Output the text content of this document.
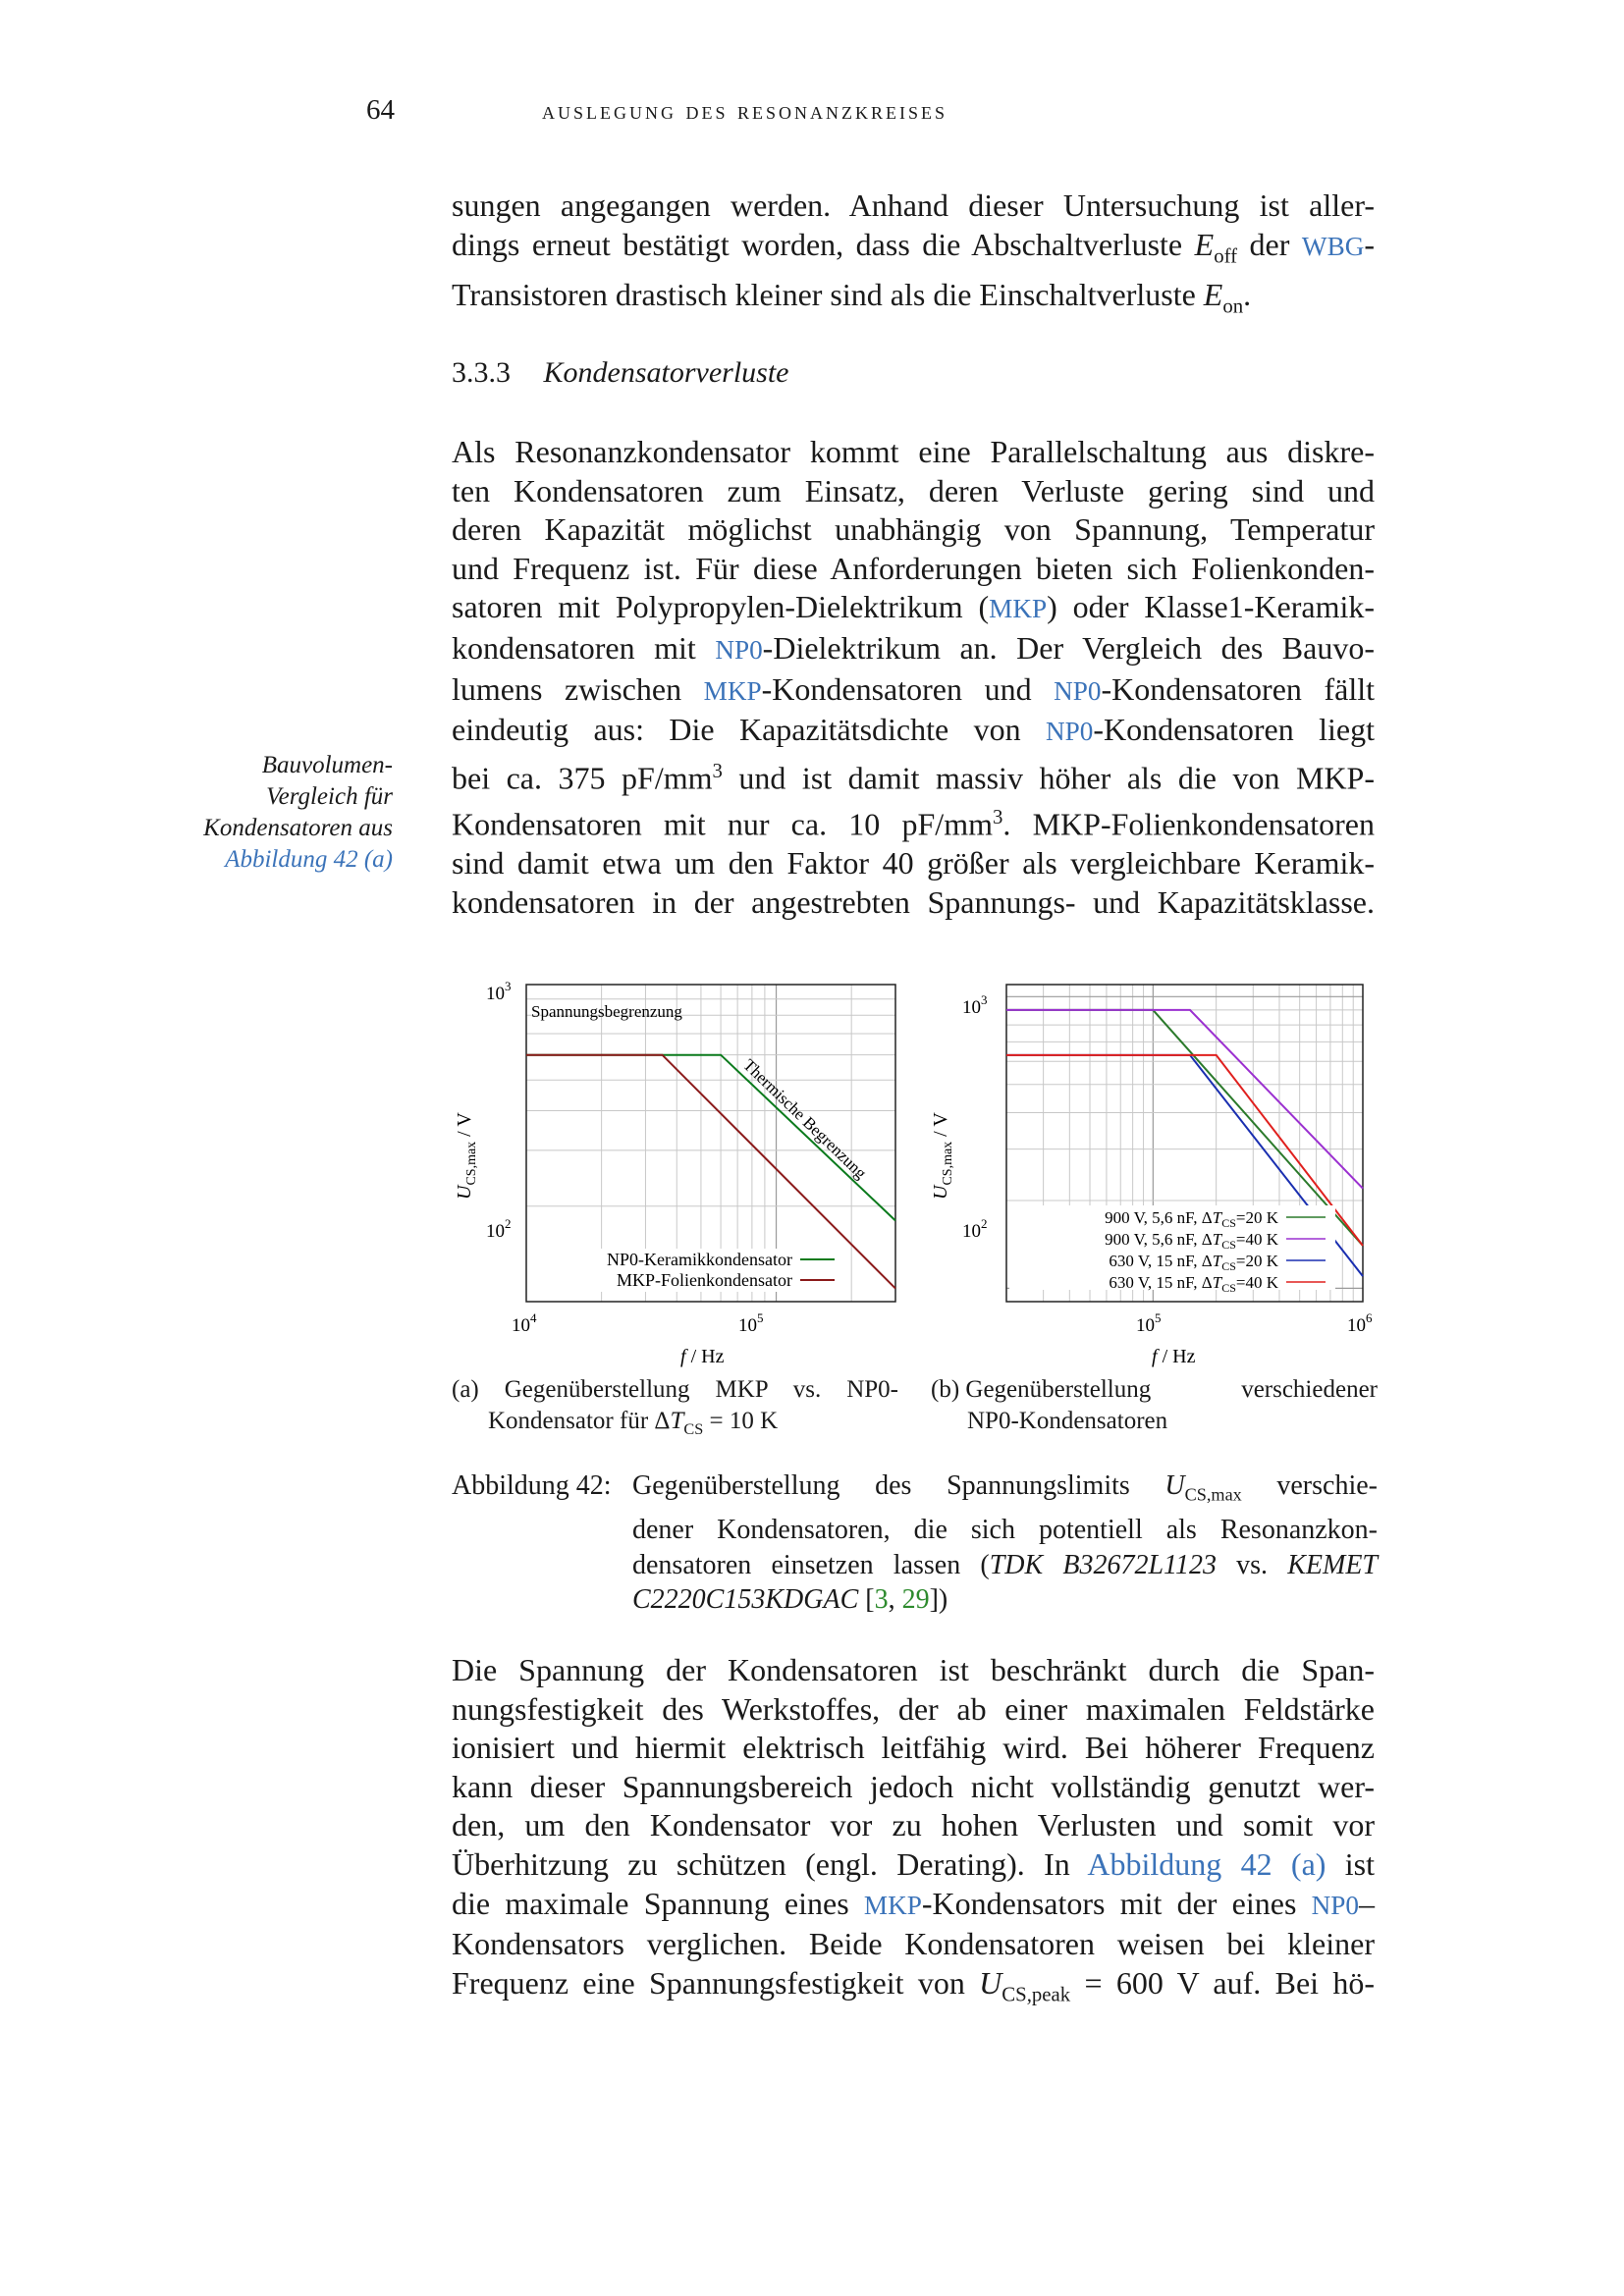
64	auslegung des resonanzkreises

sungen angegangen werden. Anhand dieser Untersuchung ist aller-

dings erneut bestätigt worden, dass die Abschaltverluste $E_{off}$ der WBG-

Transistoren drastisch kleiner sind als die Einschaltverluste $E_{on}$.

3.3.3 Kondensatorverluste

Als Resonanzkondensator kommt eine Parallelschaltung aus diskre-

ten Kondensatoren zum Einsatz, deren Verluste gering sind und

deren Kapazität möglichst unabhängig von Spannung, Temperatur

und Frequenz ist. Für diese Anforderungen bieten sich Folienkonden-

satoren mit Polypropylen-Dielektrikum (MKP) oder Klasse1-Keramik-

kondensatoren mit NP0-Dielektrikum an. Der Vergleich des Bauvo-

lumens zwischen MKP-Kondensatoren und NP0-Kondensatoren fällt

eindeutig aus: Die Kapazitätsdichte von NP0-Kondensatoren liegt

bei ca. 375 $pF/mm^3$ und ist damit massiv höher als die von MKP-

Kondensatoren mit nur ca. 10 $pF/mm^3$. MKP-Folienkondensatoren

sind damit etwa um den Faktor 40 größer als vergleichbare Keramik-

kondensatoren in der angestrebten Spannungs- und Kapazitätsklasse.

Bauvolumen-
Vergleich für
Kondensatoren aus
Abbildung 42 (a)
$10^3$
$10^2$
$10^4$	$10^5$
$U_{CS,max}$ / V
f / Hz
Spannungsbegrenzung
Thermische Begrenzung
NP0-Keramikkondensator
MKP-Folienkondensator
$10^3$
$10^2$
$10^5$	$10^6$
$U_{CS,max}$ / V
f / Hz
900 V, 5,6 nF, $\Delta T_{CS}=20$ K
900 V, 5,6 nF, $\Delta T_{CS}=40$ K
630 V, 15 nF, $\Delta T_{CS}=20$ K
630 V, 15 nF, $\Delta T_{CS}=40$ K
(a) Gegenüberstellung MKP vs. NP0-
Kondensator für $\Delta T_{CS} = 10$ K
(b) Gegenüberstellung	verschiedener
NP0-Kondensatoren
Abbildung 42: Gegenüberstellung des Spannungslimits $U_{CS,max}$ verschie-
dener Kondensatoren, die sich potentiell als Resonanzkon-
densatoren einsetzen lassen (TDK B32672L1123 vs. KEMET
C2220C153KDGAC [3, 29])

Die Spannung der Kondensatoren ist beschränkt durch die Span-

nungsfestigkeit des Werkstoffes, der ab einer maximalen Feldstärke

ionisiert und hiermit elektrisch leitfähig wird. Bei höherer Frequenz

kann dieser Spannungsbereich jedoch nicht vollständig genutzt wer-

den, um den Kondensator vor zu hohen Verlusten und somit vor

Überhitzung zu schützen (engl. Derating). In Abbildung 42 (a) ist

die maximale Spannung eines MKP-Kondensators mit der eines NP0–

Kondensators verglichen. Beide Kondensatoren weisen bei kleiner

Frequenz eine Spannungsfestigkeit von $U_{CS,peak} = 600$ V auf. Bei hö-
